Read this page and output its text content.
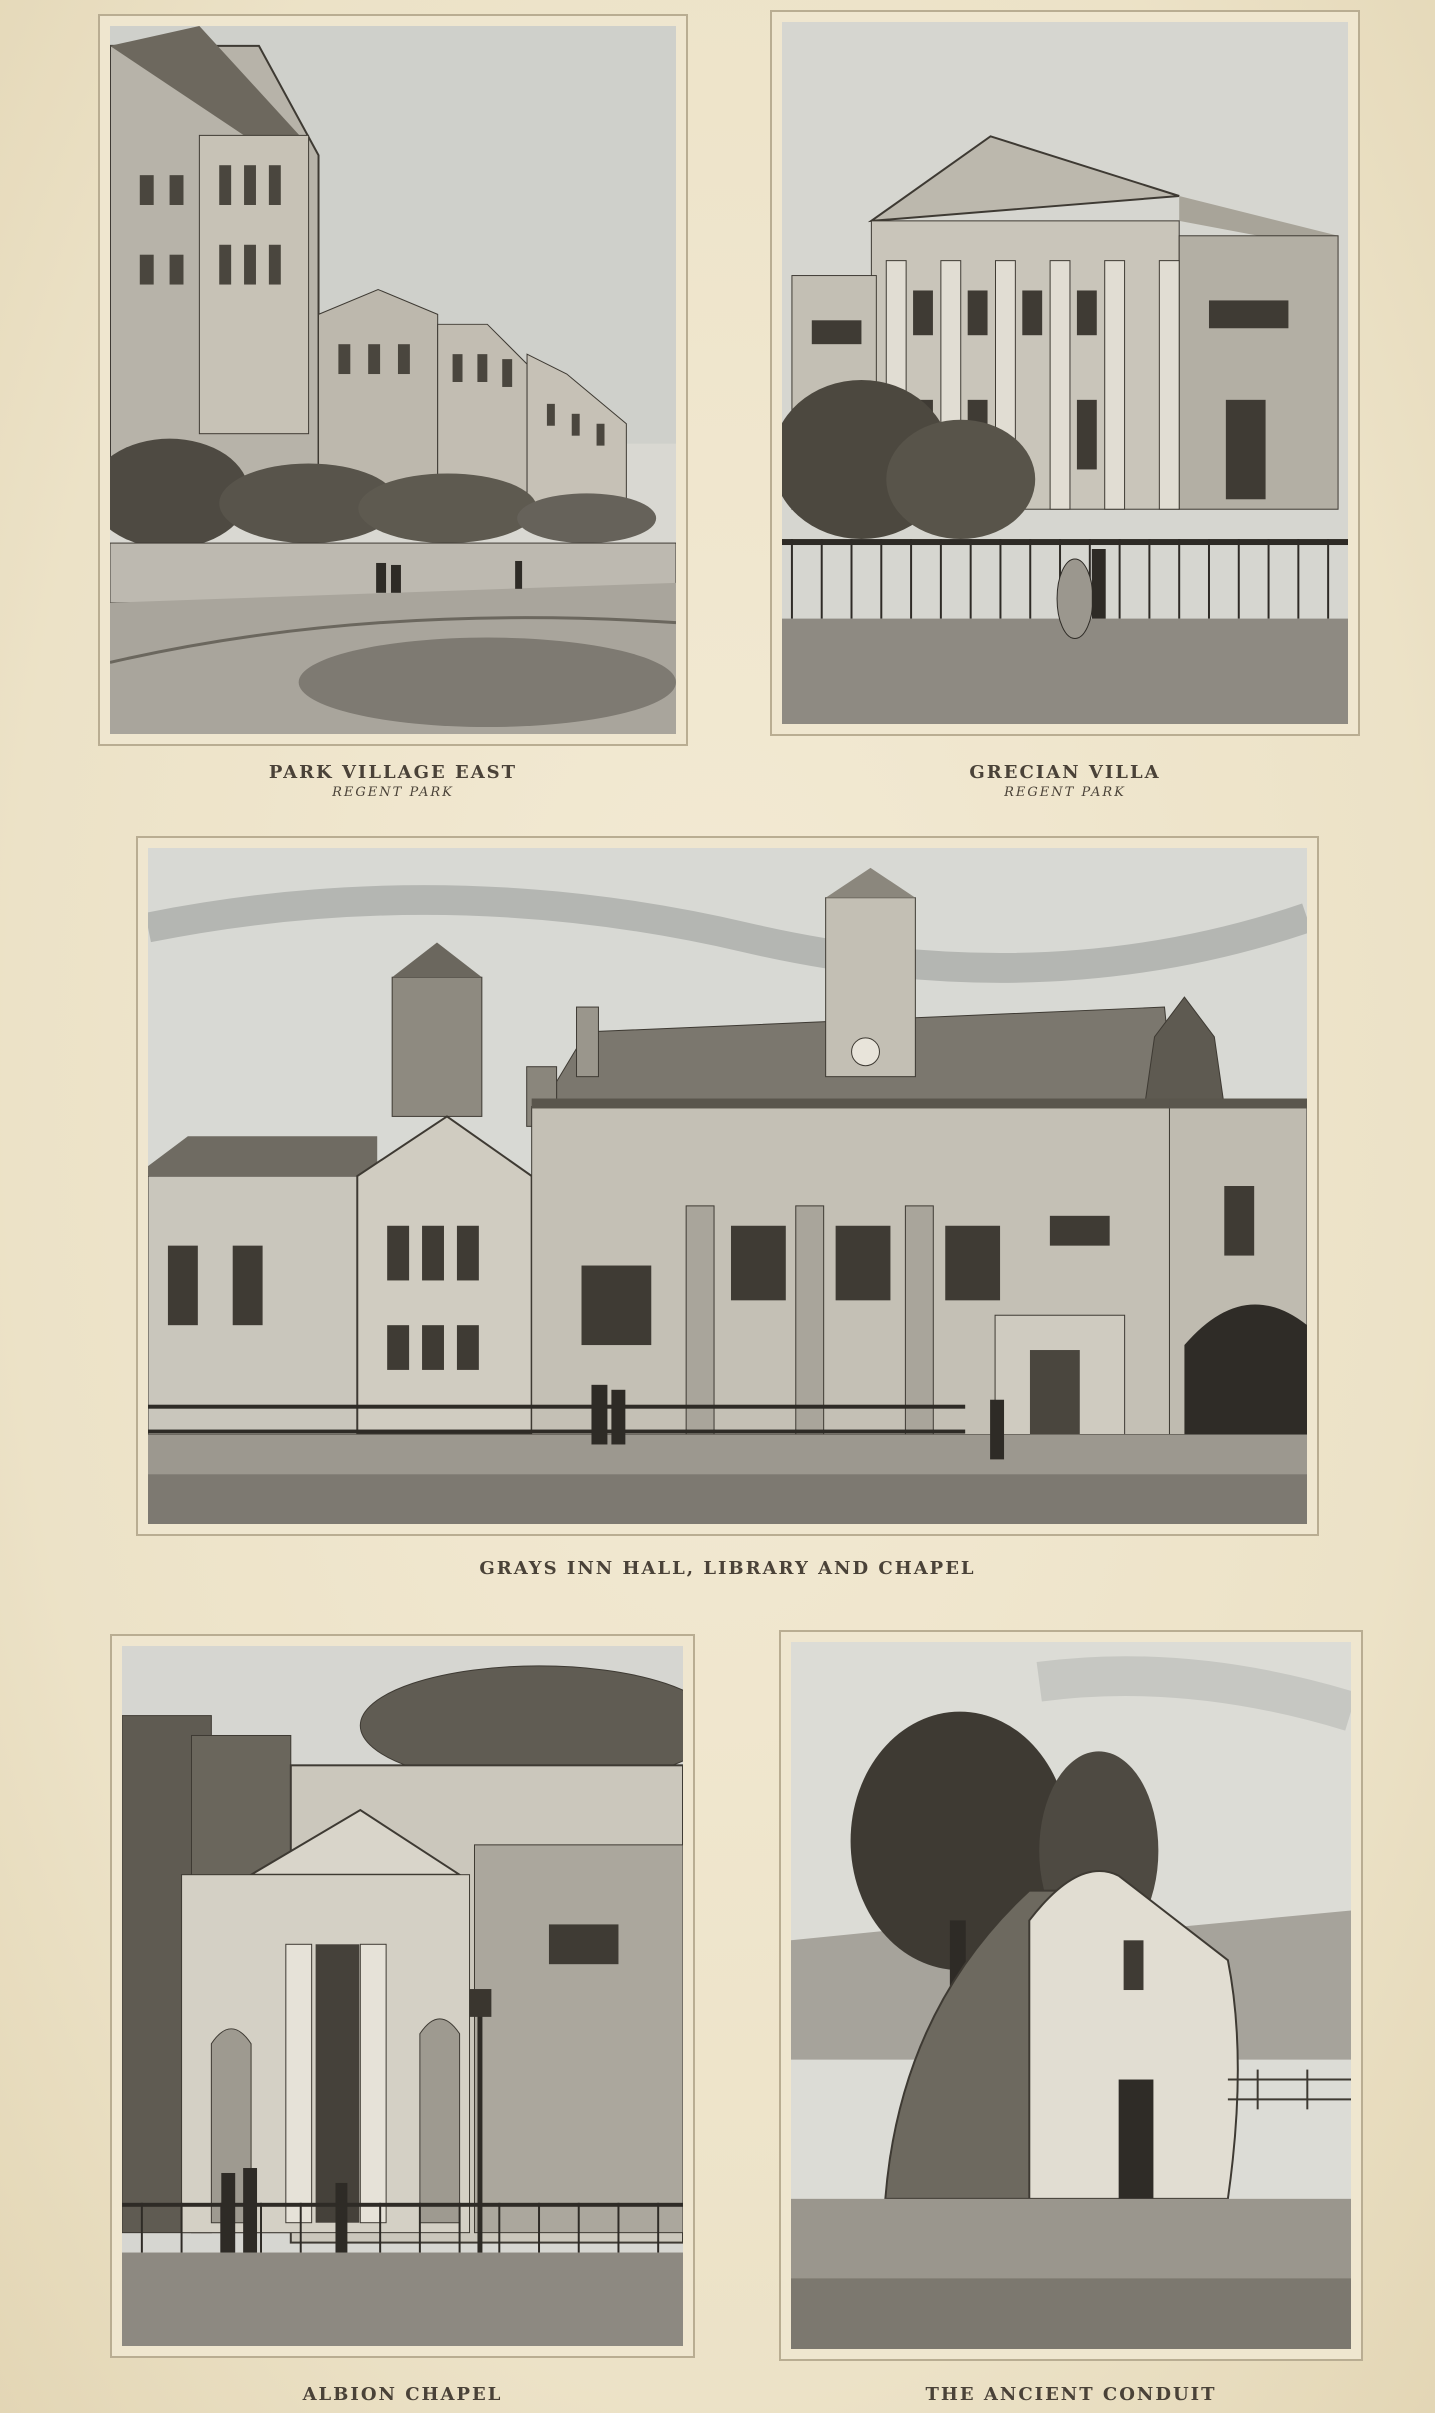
PARK VILLAGE EAST
REGENT PARK
GRECIAN VILLA
REGENT PARK
GRAYS INN HALL, LIBRARY AND CHAPEL
ALBION CHAPEL	THE ANCIENT CONDUIT
